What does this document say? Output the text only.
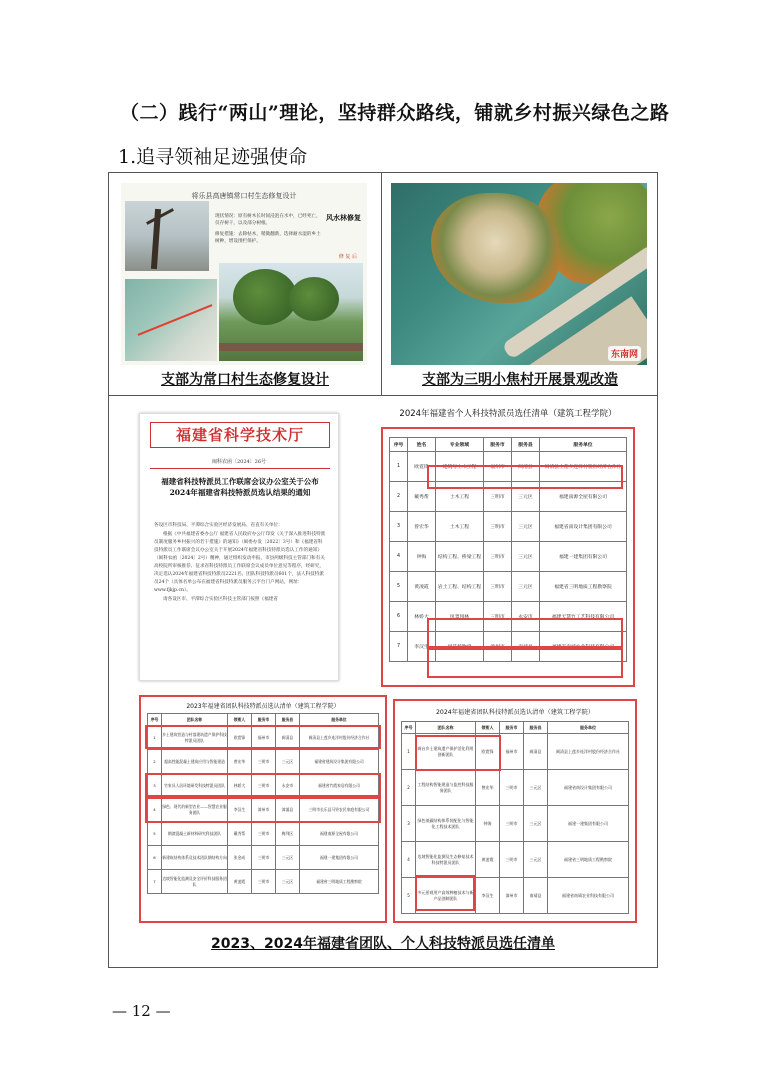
（二）践行“两山”理论，坚持群众路线，铺就乡村振兴绿色之路
1.追寻领袖足迹强使命
将乐县高唐镇常口村生态修复设计
现状情况：原有树木长时间浸泡在水中，已经死亡，仅存树干，以及部分树根。
修复措施：去除枯木，稍微翻新，选择耐水湿的乡土树种，增设围栏保护。
风水林修复
修 复 后
支部为常口村生态修复设计
东南网
支部为三明小焦村开展景观改造
福建省科学技术厅
闽科农函〔2024〕26号
福建省科技特派员工作联席会议办公室关于公布2024年福建省科技特派员选认结果的通知

各设区市科技局、平潭综合实验区经济发展局、省直有关单位：

根据《中共福建省委办公厅 福建省人民政府办公厅印发《关于深入推进科技特派员制度服务乡村振兴的若干措施》的通知》（闽委办发〔2022〕3号）和《福建省科技特派员工作联席会议办公室关于开展2024年福建省科技特派员选认工作的通知》（闽科农函〔2024〕2号）精神，通过组织发动申报、市县两级科技主管部门和有关高校院所审核推荐、征求省科技特派员工作联席会议成员单位意见等程序，经研究，决定选认2024年福建省科技特派员2221名、团队科技特派员601个，法人科技特派员24个（具体名单公布在福建省科技特派员服务云平台门户网站，网址：www.fjkjp.cn）。

请各设区市、平潭综合实验区科技主管部门按照《福建省

2024年福建省个人科技特派员选任清单（建筑工程学院）
序号	姓名	专业领域	服务市	服务县	服务单位
1	欧霓锋	建筑与土木工程	福州市	闽清县	闽清县上莲乡连洋村股份经济合作社
2	戴秀帮	土木工程	三明市	三元区	福建南源全屋有限公司
3	曾宏华	土木工程	三明市	三元区	福建省南设计集团有限公司
4	钟海	结构工程、桥梁工程	三明市	三元区	福建一建集团有限公司
5	黄凌霞	岩土工程、结构工程	三明市	三元区	福建省三明地质工程勘察院
6	林娇大	风景园林	三明市	永安市	福建天慧竹工艺科技有限公司
7	李汉生	园艺植物学	漳州市	南靖县	福建省南靖农业科技有限公司
2023年福建省团队科技特派员选认清单（建筑工程学院）
序号	团队名称	领衔人	服务市	服务县	服务单位
1	乡土建筑营造与村落建筑遗产保护科技特派员团队	欧霓锋	福州市	闽清县	闽清县上莲乡连洋村股份经济合作社
2	超高性能混凝土建筑应用与智能建造	曾宏华	三明市	三元区	福建省建筑设计集团有限公司
3	竹家具人居环境研发科技特派员团队	林娇大	三明市	永安市	福建省竹霞家居有限公司
4	绿色、现代的新型农业——智慧农业服务团队	李汉生	漳州市	漳浦县	三明市长乐县马铃农民家庭有限公司
5	钢渣混凝土新材料研究科技团队	戴秀帮	三明市	梅列区	福建南源全屋有限公司
6	新建筑结构体系及技术团队钢结构方向	张金成	三明市	三元区	福建一建集团有限公司
7	边坡智能化监测及安全评价科技服务团队	黄凌霞	三明市	三元区	福建省三明地质工程勘察院
2024年福建省团队科技特派员选认清单（建筑工程学院）
序号	团队名称	领衔人	服务市	服务县	服务单位
1	闽台乡土建筑遗产保护活化利用创新团队	欧霓锋	福州市	闽清县	闽清县上莲乡连洋村股份经济合作社
2	工程结构智能建造与监控科技服务团队	曾宏华	三明市	三元区	福建省南设计集团有限公司
3	绿色低碳结构体系装配化与智能化工程技术团队	钟海	三明市	三元区	福建一建集团有限公司
4	边坡智能化监测及生态修复技术科技特派员团队	黄凌霞	三明市	三元区	福建省三明地质工程勘察院
5	多元景观用产高效种植技术与新产品创制团队	李汉生	漳州市	南靖县	福建省南靖农业科技有限公司
2023、2024年福建省团队、个人科技特派员选任清单
— 12 —
